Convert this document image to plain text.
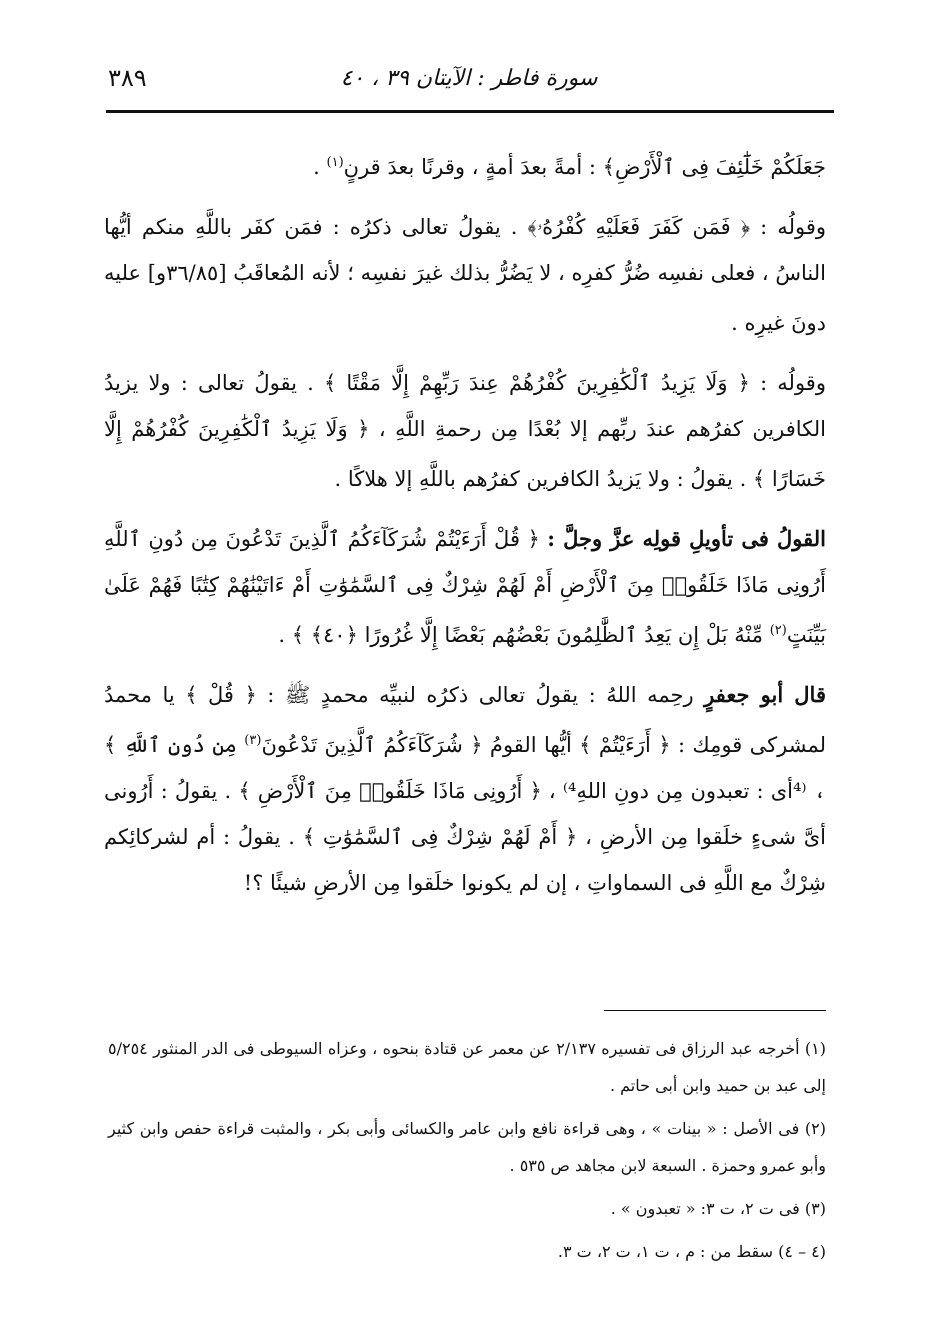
سورة فاطر : الآيتان ٣٩ ، ٤٠
٣٨٩

جَعَلَكُمْ خَلَٰٓئِفَ فِى ٱلْأَرْضِ﴾ : أمةً بعدَ أمةٍ ، وقرنًا بعدَ قرنٍ$^{(١)}$ .

وقولُه : ﴿ فَمَن كَفَرَ فَعَلَيْهِ كُفْرُهُۥ﴾ . يقولُ تعالى ذكرُه : فمَن كفَر باللَّهِ منكم أيُّها الناسُ ، فعلى نفسِه ضُرُّ كفرِه ، لا يَضُرُّ بذلك غيرَ نفسِه ؛ لأنه المُعاقَبُ [٣٦/٨٥و] عليه دونَ غيرِه .

وقولُه : ﴿ وَلَا يَزِيدُ ٱلْكَٰفِرِينَ كُفْرُهُمْ عِندَ رَبِّهِمْ إِلَّا مَقْتًا ﴾ . يقولُ تعالى : ولا يزيدُ الكافرين كفرُهم عندَ ربِّهم إلا بُعْدًا مِن رحمةِ اللَّهِ ، ﴿ وَلَا يَزِيدُ ٱلْكَٰفِرِينَ كُفْرُهُمْ إِلَّا خَسَارًا ﴾ . يقولُ : ولا يَزيدُ الكافرين كفرُهم باللَّهِ إلا هلاكًا .

القولُ فى تأويلِ قولِه عزَّ وجلَّ : ﴿ قُلْ أَرَءَيْتُمْ شُرَكَآءَكُمُ ٱلَّذِينَ تَدْعُونَ مِن دُونِ ٱللَّهِ أَرُونِى مَاذَا خَلَقُوا۟ مِنَ ٱلْأَرْضِ أَمْ لَهُمْ شِرْكٌ فِى ٱلسَّمَٰوَٰتِ أَمْ ءَاتَيْنَٰهُمْ كِتَٰبًا فَهُمْ عَلَىٰ بَيِّنَتٍ$^{(٢)}$ مِّنْهُ بَلْ إِن يَعِدُ ٱلظَّٰلِمُونَ بَعْضُهُم بَعْضًا إِلَّا غُرُورًا ﴿٤٠﴾ ﴾ .

قال أبو جعفرٍ رحِمه اللهُ : يقولُ تعالى ذكرُه لنبيِّه محمدٍ ﷺ : ﴿ قُلْ ﴾ يا محمدُ لمشركى قومِك : ﴿ أَرَءَيْتُمْ ﴾ أيُّها القومُ ﴿ شُرَكَآءَكُمُ ٱلَّذِينَ تَدْعُونَ$^{(٣)}$ مِن دُونِ ٱللَّهِ ﴾ ، ⁽⁴أى : تعبدون مِن دونِ اللهِ⁴⁾ ، ﴿ أَرُونِى مَاذَا خَلَقُوا۟ مِنَ ٱلْأَرْضِ ﴾ . يقولُ : أَرُونى أىَّ شىءٍ خلَقوا مِن الأرضِ ، ﴿ أَمْ لَهُمْ شِرْكٌ فِى ٱلسَّمَٰوَٰتِ ﴾ . يقولُ : أم لشركائِكم شِرْكٌ مع اللَّهِ فى السماواتِ ، إن لم يكونوا خلَقوا مِن الأرضِ شيئًا ؟!

(١) أخرجه عبد الرزاق فى تفسيره ٢/١٣٧ عن معمر عن قتادة بنحوه ، وعزاه السيوطى فى الدر المنثور ٥/٢٥٤ إلى عبد بن حميد وابن أبى حاتم .

(٢) فى الأصل : « بينات » ، وهى قراءة نافع وابن عامر والكسائى وأبى بكر ، والمثبت قراءة حفص وابن كثير وأبو عمرو وحمزة . السبعة لابن مجاهد ص ٥٣٥ .

(٣) فى ت ٢، ت ٣: « تعبدون » .

(٤ – ٤) سقط من : م ، ت ١، ت ٢، ت ٣.
